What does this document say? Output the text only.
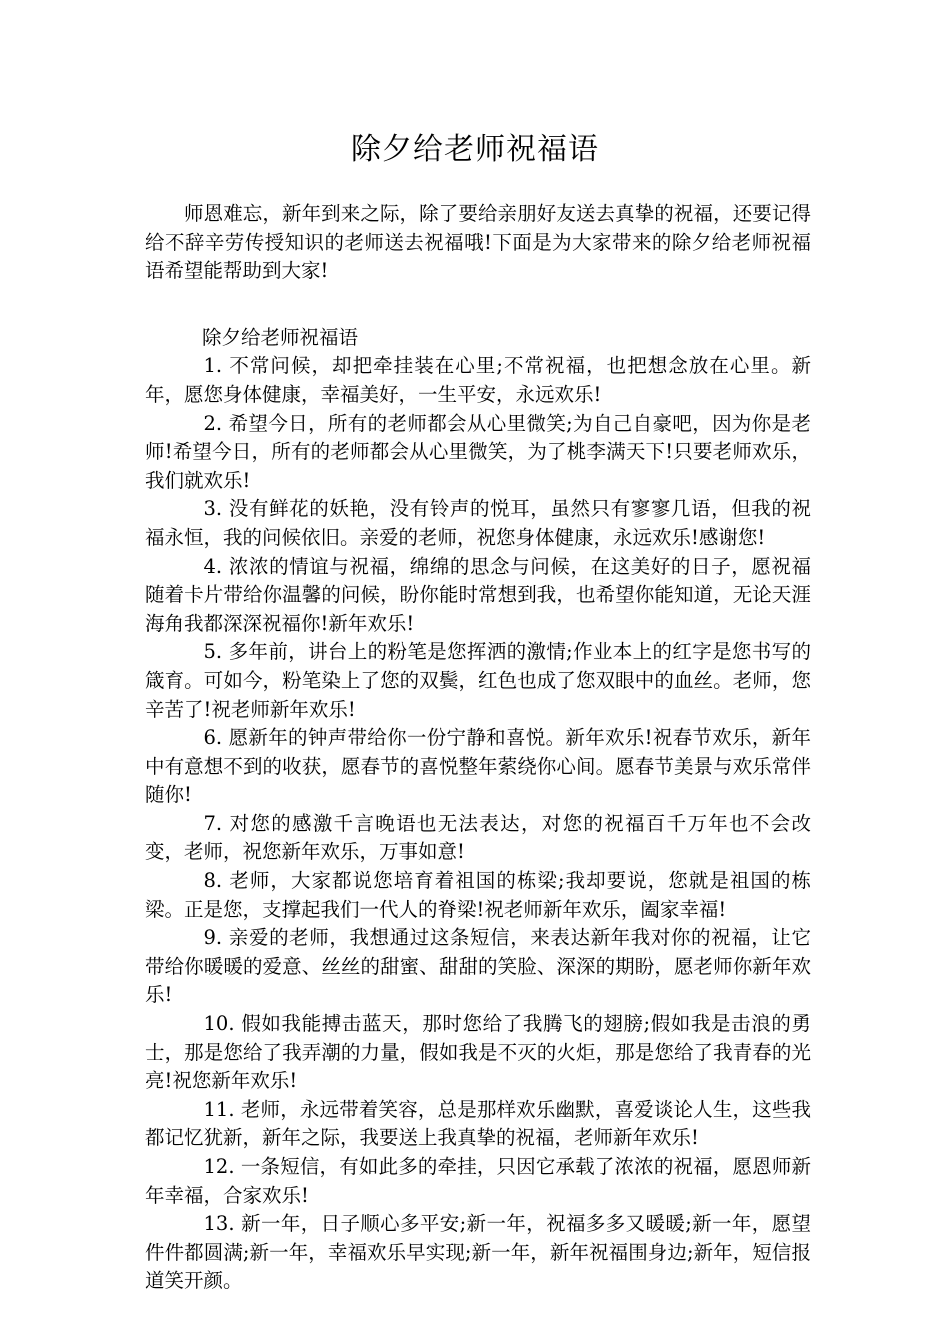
除夕给老师祝福语

师恩难忘，新年到来之际，除了要给亲朋好友送去真挚的祝福，还要记得给不辞辛劳传授知识的老师送去祝福哦!下面是为大家带来的除夕给老师祝福语希望能帮助到大家!

除夕给老师祝福语

1. 不常问候，却把牵挂装在心里;不常祝福，也把想念放在心里。新年，愿您身体健康，幸福美好，一生平安，永远欢乐!

2. 希望今日，所有的老师都会从心里微笑;为自己自豪吧，因为你是老师!希望今日，所有的老师都会从心里微笑，为了桃李满天下!只要老师欢乐，我们就欢乐!

3. 没有鲜花的妖艳，没有铃声的悦耳，虽然只有寥寥几语，但我的祝福永恒，我的问候依旧。亲爱的老师，祝您身体健康，永远欢乐!感谢您!

4. 浓浓的情谊与祝福，绵绵的思念与问候，在这美好的日子，愿祝福随着卡片带给你温馨的问候，盼你能时常想到我，也希望你能知道，无论天涯海角我都深深祝福你!新年欢乐!

5. 多年前，讲台上的粉笔是您挥洒的激情;作业本上的红字是您书写的箴育。可如今，粉笔染上了您的双鬓，红色也成了您双眼中的血丝。老师，您辛苦了!祝老师新年欢乐!

6. 愿新年的钟声带给你一份宁静和喜悦。新年欢乐!祝春节欢乐，新年中有意想不到的收获，愿春节的喜悦整年萦绕你心间。愿春节美景与欢乐常伴随你!

7. 对您的感激千言晚语也无法表达，对您的祝福百千万年也不会改变，老师，祝您新年欢乐，万事如意!

8. 老师，大家都说您培育着祖国的栋梁;我却要说，您就是祖国的栋梁。正是您，支撑起我们一代人的脊梁!祝老师新年欢乐，阖家幸福!

9. 亲爱的老师，我想通过这条短信，来表达新年我对你的祝福，让它带给你暖暖的爱意、丝丝的甜蜜、甜甜的笑脸、深深的期盼，愿老师你新年欢乐!

10. 假如我能搏击蓝天，那时您给了我腾飞的翅膀;假如我是击浪的勇士，那是您给了我弄潮的力量，假如我是不灭的火炬，那是您给了我青春的光亮!祝您新年欢乐!

11. 老师，永远带着笑容，总是那样欢乐幽默，喜爱谈论人生，这些我都记忆犹新，新年之际，我要送上我真挚的祝福，老师新年欢乐!

12. 一条短信，有如此多的牵挂，只因它承载了浓浓的祝福，愿恩师新年幸福，合家欢乐!

13. 新一年，日子顺心多平安;新一年，祝福多多又暖暖;新一年，愿望件件都圆满;新一年，幸福欢乐早实现;新一年，新年祝福围身边;新年，短信报道笑开颜。
